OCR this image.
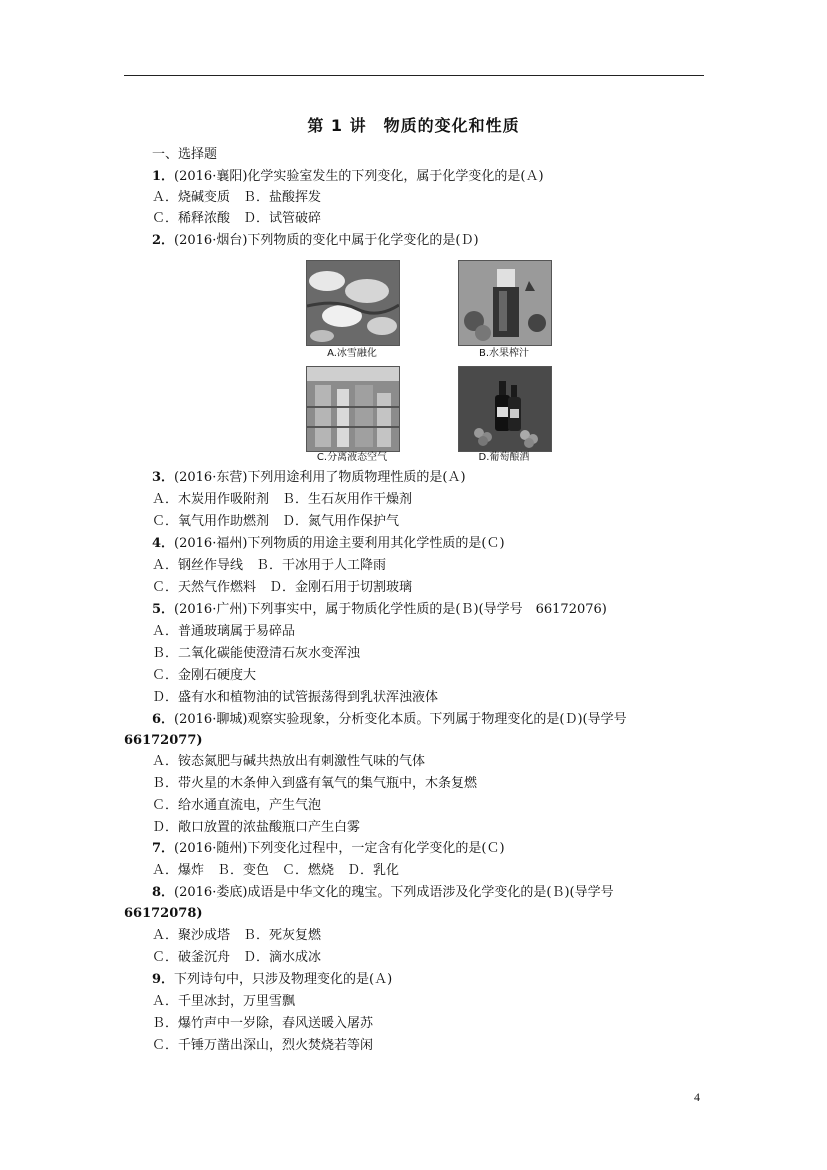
第 1 讲　物质的变化和性质
一、选择题
1．(2016·襄阳)化学实验室发生的下列变化，属于化学变化的是(Ａ)
Ａ．烧碱变质　Ｂ．盐酸挥发
Ｃ．稀释浓酸　Ｄ．试管破碎
2．(2016·烟台)下列物质的变化中属于化学变化的是(Ｄ)
A.冰雪融化	B.水果榨汁
C.分离液态空气	D.葡萄酿酒
3．(2016·东营)下列用途利用了物质物理性质的是(Ａ)
Ａ．木炭用作吸附剂　Ｂ．生石灰用作干燥剂
Ｃ．氧气用作助燃剂　Ｄ．氮气用作保护气
4．(2016·福州)下列物质的用途主要利用其化学性质的是(Ｃ)
Ａ．钢丝作导线　Ｂ．干冰用于人工降雨
Ｃ．天然气作燃料　Ｄ．金刚石用于切割玻璃
5．(2016·广州)下列事实中，属于物质化学性质的是(Ｂ)(导学号　66172076)
Ａ．普通玻璃属于易碎品
Ｂ．二氧化碳能使澄清石灰水变浑浊
Ｃ．金刚石硬度大
Ｄ．盛有水和植物油的试管振荡得到乳状浑浊液体
6．(2016·聊城)观察实验现象，分析变化本质。下列属于物理变化的是(Ｄ)(导学号
66172077)
Ａ．铵态氮肥与碱共热放出有刺激性气味的气体
Ｂ．带火星的木条伸入到盛有氧气的集气瓶中，木条复燃
Ｃ．给水通直流电，产生气泡
Ｄ．敞口放置的浓盐酸瓶口产生白雾
7．(2016·随州)下列变化过程中，一定含有化学变化的是(Ｃ)
Ａ．爆炸　Ｂ．变色　Ｃ．燃烧　Ｄ．乳化
8．(2016·娄底)成语是中华文化的瑰宝。下列成语涉及化学变化的是(Ｂ)(导学号
66172078)
Ａ．聚沙成塔　Ｂ．死灰复燃
Ｃ．破釜沉舟　Ｄ．滴水成冰
9．下列诗句中，只涉及物理变化的是(Ａ)
Ａ．千里冰封，万里雪飘
Ｂ．爆竹声中一岁除，春风送暖入屠苏
Ｃ．千锤万凿出深山，烈火焚烧若等闲
4
